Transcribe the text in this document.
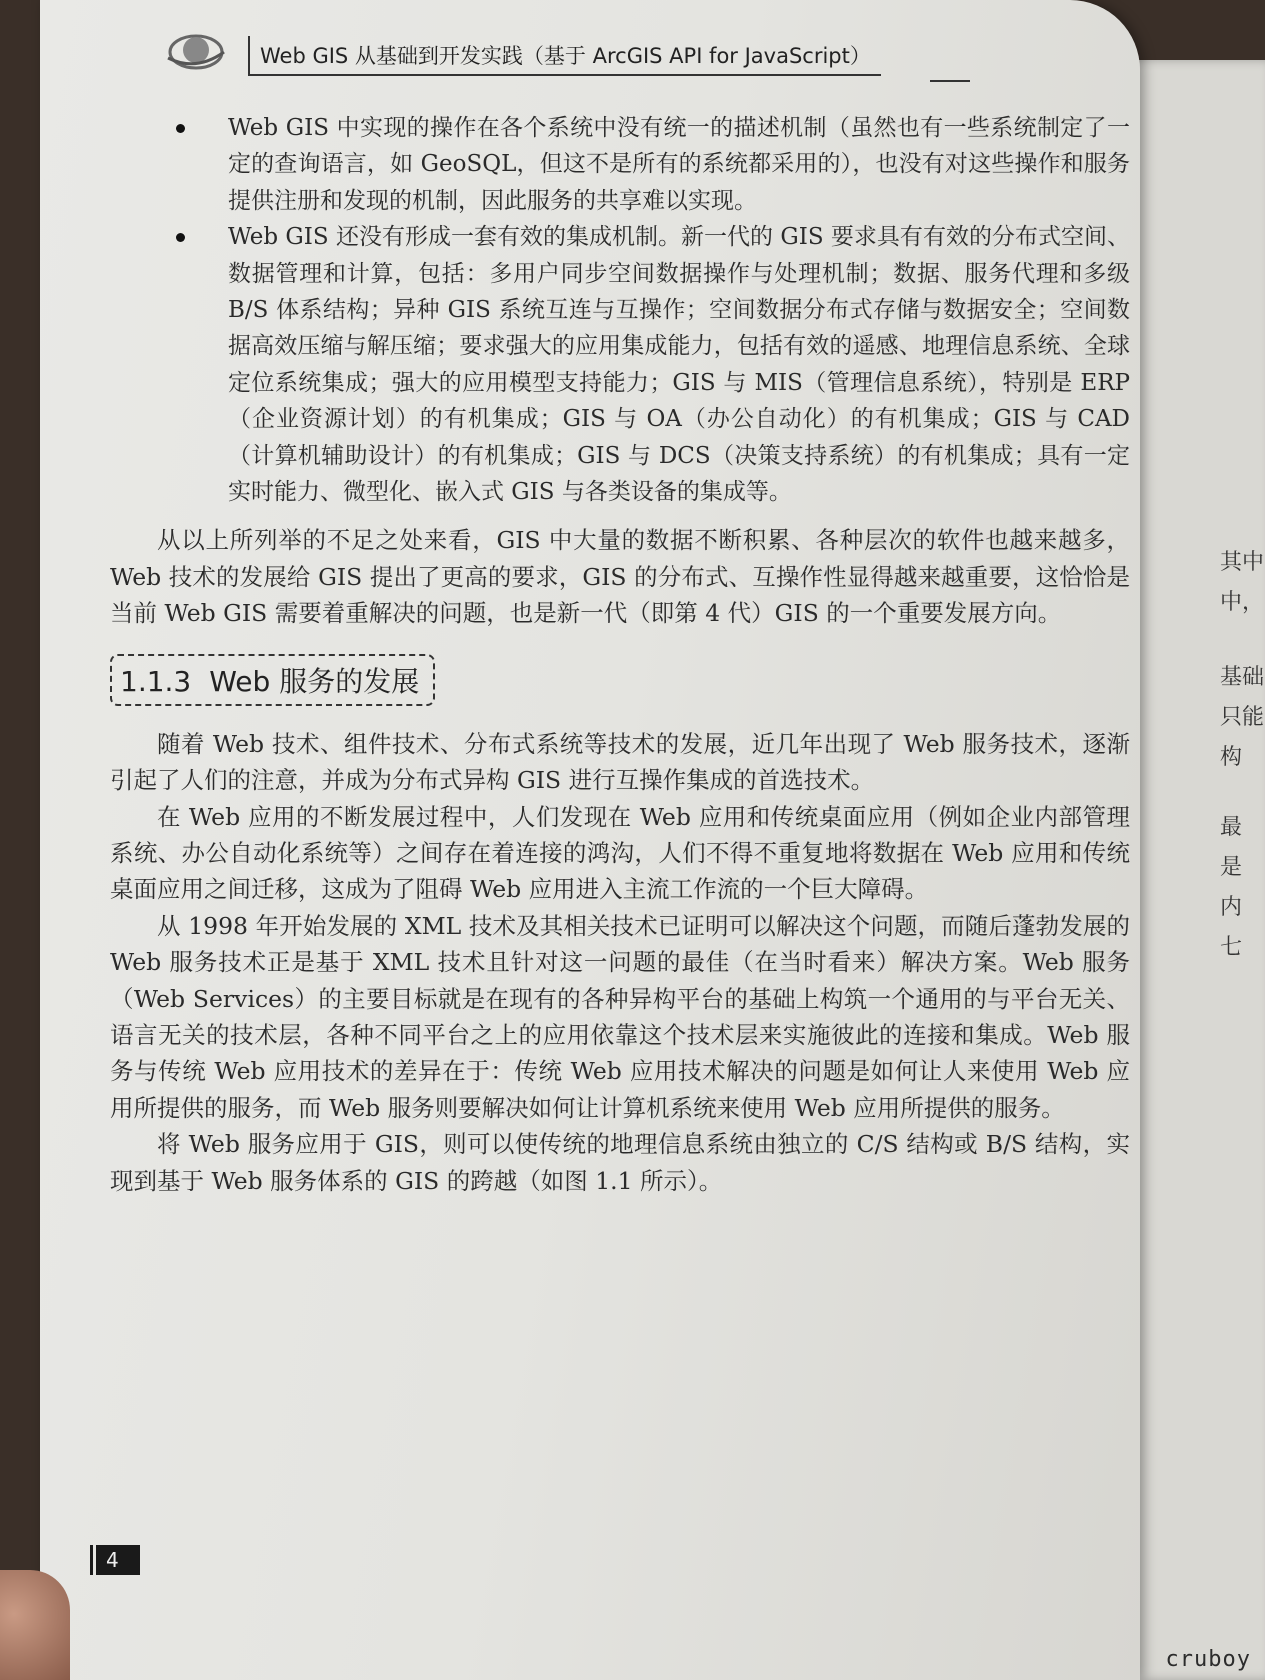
其中
中，
基础
只能
构
最
是
内
七
Web GIS 从基础到开发实践（基于 ArcGIS API for JavaScript）
Web GIS 中实现的操作在各个系统中没有统一的描述机制（虽然也有一些系统制定了一定的查询语言，如 GeoSQL，但这不是所有的系统都采用的），也没有对这些操作和服务提供注册和发现的机制，因此服务的共享难以实现。
Web GIS 还没有形成一套有效的集成机制。新一代的 GIS 要求具有有效的分布式空间、数据管理和计算，包括：多用户同步空间数据操作与处理机制；数据、服务代理和多级 B/S 体系结构；异种 GIS 系统互连与互操作；空间数据分布式存储与数据安全；空间数据高效压缩与解压缩；要求强大的应用集成能力，包括有效的遥感、地理信息系统、全球定位系统集成；强大的应用模型支持能力；GIS 与 MIS（管理信息系统），特别是 ERP（企业资源计划）的有机集成；GIS 与 OA（办公自动化）的有机集成；GIS 与 CAD（计算机辅助设计）的有机集成；GIS 与 DCS（决策支持系统）的有机集成；具有一定实时能力、微型化、嵌入式 GIS 与各类设备的集成等。

从以上所列举的不足之处来看，GIS 中大量的数据不断积累、各种层次的软件也越来越多，Web 技术的发展给 GIS 提出了更高的要求，GIS 的分布式、互操作性显得越来越重要，这恰恰是当前 Web GIS 需要着重解决的问题，也是新一代（即第 4 代）GIS 的一个重要发展方向。

1.1.3 Web 服务的发展

随着 Web 技术、组件技术、分布式系统等技术的发展，近几年出现了 Web 服务技术，逐渐引起了人们的注意，并成为分布式异构 GIS 进行互操作集成的首选技术。

在 Web 应用的不断发展过程中，人们发现在 Web 应用和传统桌面应用（例如企业内部管理系统、办公自动化系统等）之间存在着连接的鸿沟，人们不得不重复地将数据在 Web 应用和传统桌面应用之间迁移，这成为了阻碍 Web 应用进入主流工作流的一个巨大障碍。

从 1998 年开始发展的 XML 技术及其相关技术已证明可以解决这个问题，而随后蓬勃发展的 Web 服务技术正是基于 XML 技术且针对这一问题的最佳（在当时看来）解决方案。Web 服务（Web Services）的主要目标就是在现有的各种异构平台的基础上构筑一个通用的与平台无关、语言无关的技术层，各种不同平台之上的应用依靠这个技术层来实施彼此的连接和集成。Web 服务与传统 Web 应用技术的差异在于：传统 Web 应用技术解决的问题是如何让人来使用 Web 应用所提供的服务，而 Web 服务则要解决如何让计算机系统来使用 Web 应用所提供的服务。

将 Web 服务应用于 GIS，则可以使传统的地理信息系统由独立的 C/S 结构或 B/S 结构，实现到基于 Web 服务体系的 GIS 的跨越（如图 1.1 所示）。

4
cruboy
